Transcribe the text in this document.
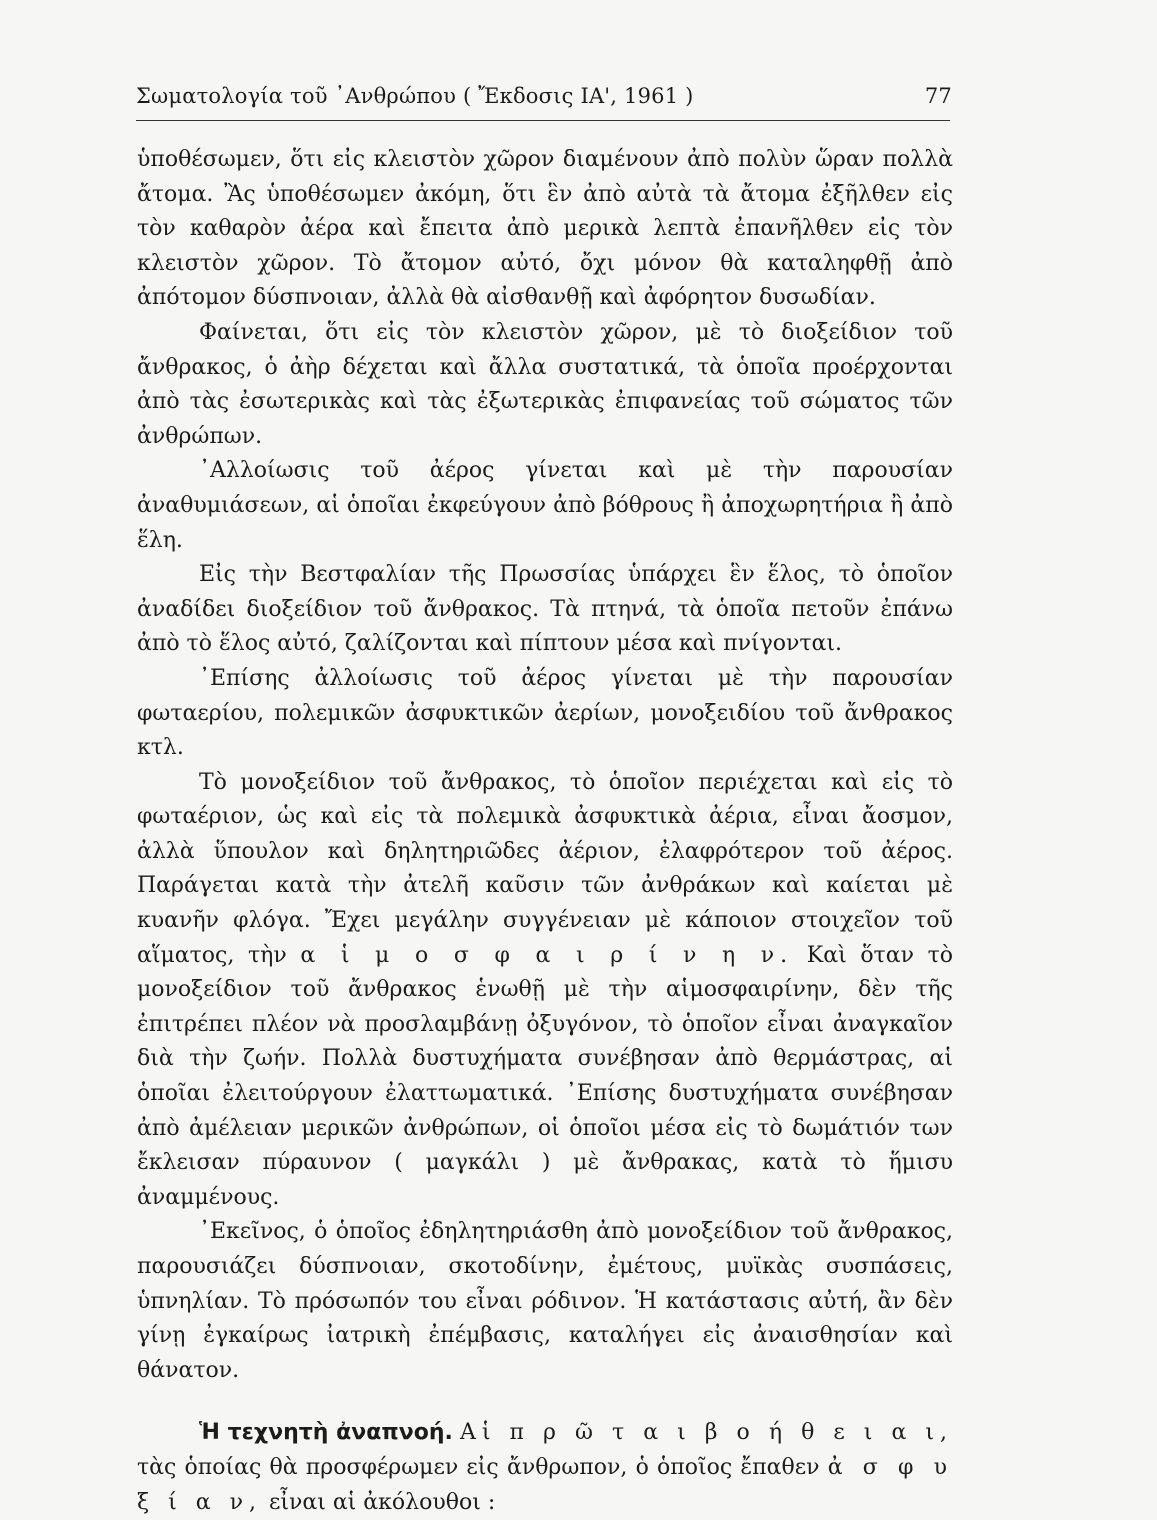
Σωματολογία τοῦ ᾿Ανθρώπου ( Ἔκδοσις ΙΑ', 1961 )	77

ὑποθέσωμεν, ὅτι εἰς κλειστὸν χῶρον διαμένουν ἀπὸ πολὺν ὥραν πολλὰ ἄτομα. Ἂς ὑποθέσωμεν ἀκόμη, ὅτι ἓν ἀπὸ αὐτὰ τὰ ἄτομα ἐξῆλθεν εἰς τὸν καθαρὸν ἀέρα καὶ ἔπειτα ἀπὸ μερικὰ λεπτὰ ἐπανῆλθεν εἰς τὸν κλειστὸν χῶρον. Τὸ ἄτομον αὐτό, ὄχι μόνον θὰ καταληφθῇ ἀπὸ ἀπότομον δύσπνοιαν, ἀλλὰ θὰ αἰσθανθῇ καὶ ἀφόρητον δυσωδίαν.

Φαίνεται, ὅτι εἰς τὸν κλειστὸν χῶρον, μὲ τὸ διοξείδιον τοῦ ἄνθρακος, ὁ ἀὴρ δέχεται καὶ ἄλλα συστατικά, τὰ ὁποῖα προέρχονται ἀπὸ τὰς ἐσωτερικὰς καὶ τὰς ἐξωτερικὰς ἐπιφανείας τοῦ σώματος τῶν ἀνθρώπων.

᾿Αλλοίωσις τοῦ ἀέρος γίνεται καὶ μὲ τὴν παρουσίαν ἀναθυμιάσεων, αἱ ὁποῖαι ἐκφεύγουν ἀπὸ βόθρους ἢ ἀποχωρητήρια ἢ ἀπὸ ἕλη.

Εἰς τὴν Βεστφαλίαν τῆς Πρωσσίας ὑπάρχει ἓν ἕλος, τὸ ὁποῖον ἀναδίδει διοξείδιον τοῦ ἄνθρακος. Τὰ πτηνά, τὰ ὁποῖα πετοῦν ἐπάνω ἀπὸ τὸ ἕλος αὐτό, ζαλίζονται καὶ πίπτουν μέσα καὶ πνίγονται.

᾿Επίσης ἀλλοίωσις τοῦ ἀέρος γίνεται μὲ τὴν παρουσίαν φωταερίου, πολεμικῶν ἀσφυκτικῶν ἀερίων, μονοξειδίου τοῦ ἄνθρακος κτλ.

Τὸ μονοξείδιον τοῦ ἄνθρακος, τὸ ὁποῖον περιέχεται καὶ εἰς τὸ φωταέριον, ὡς καὶ εἰς τὰ πολεμικὰ ἀσφυκτικὰ ἀέρια, εἶναι ἄοσμον, ἀλλὰ ὕπουλον καὶ δηλητηριῶδες ἀέριον, ἐλαφρότερον τοῦ ἀέρος. Παράγεται κατὰ τὴν ἀτελῆ καῦσιν τῶν ἀνθράκων καὶ καίεται μὲ κυανῆν φλόγα. Ἔχει μεγάλην συγγένειαν μὲ κάποιον στοιχεῖον τοῦ αἵματος, τὴν α ἱ μ ο σ φ α ι ρ ί ν η ν. Καὶ ὅταν τὸ μονοξείδιον τοῦ ἄνθρακος ἑνωθῇ μὲ τὴν αἱμοσφαιρίνην, δὲν τῆς ἐπιτρέπει πλέον νὰ προσλαμβάνῃ ὀξυγόνον, τὸ ὁποῖον εἶναι ἀναγκαῖον διὰ τὴν ζωήν. Πολλὰ δυστυχήματα συνέβησαν ἀπὸ θερμάστρας, αἱ ὁποῖαι ἐλειτούργουν ἐλαττωματικά. ᾿Επίσης δυστυχήματα συνέβησαν ἀπὸ ἀμέλειαν μερικῶν ἀνθρώπων, οἱ ὁποῖοι μέσα εἰς τὸ δωμάτιόν των ἔκλεισαν πύραυνον ( μαγκάλι ) μὲ ἄνθρακας, κατὰ τὸ ἥμισυ ἀναμμένους.

᾿Εκεῖνος, ὁ ὁποῖος ἐδηλητηριάσθη ἀπὸ μονοξείδιον τοῦ ἄνθρακος, παρουσιάζει δύσπνοιαν, σκοτοδίνην, ἐμέτους, μυϊκὰς συσπάσεις, ὑπνηλίαν. Τὸ πρόσωπόν του εἶναι ρόδινον. Ἡ κατάστασις αὐτή, ἂν δὲν γίνῃ ἐγκαίρως ἰατρικὴ ἐπέμβασις, καταλήγει εἰς ἀναισθησίαν καὶ θάνατον.

Ἡ τεχνητὴ ἀναπνοή. Αἱ π ρ ῶ τ α ι β ο ή θ ε ι α ι, τὰς ὁποίας θὰ προσφέρωμεν εἰς ἄνθρωπον, ὁ ὁποῖος ἔπαθεν ἀ σ φ υ ξ ί α ν, εἶναι αἱ ἀκόλουθοι :
